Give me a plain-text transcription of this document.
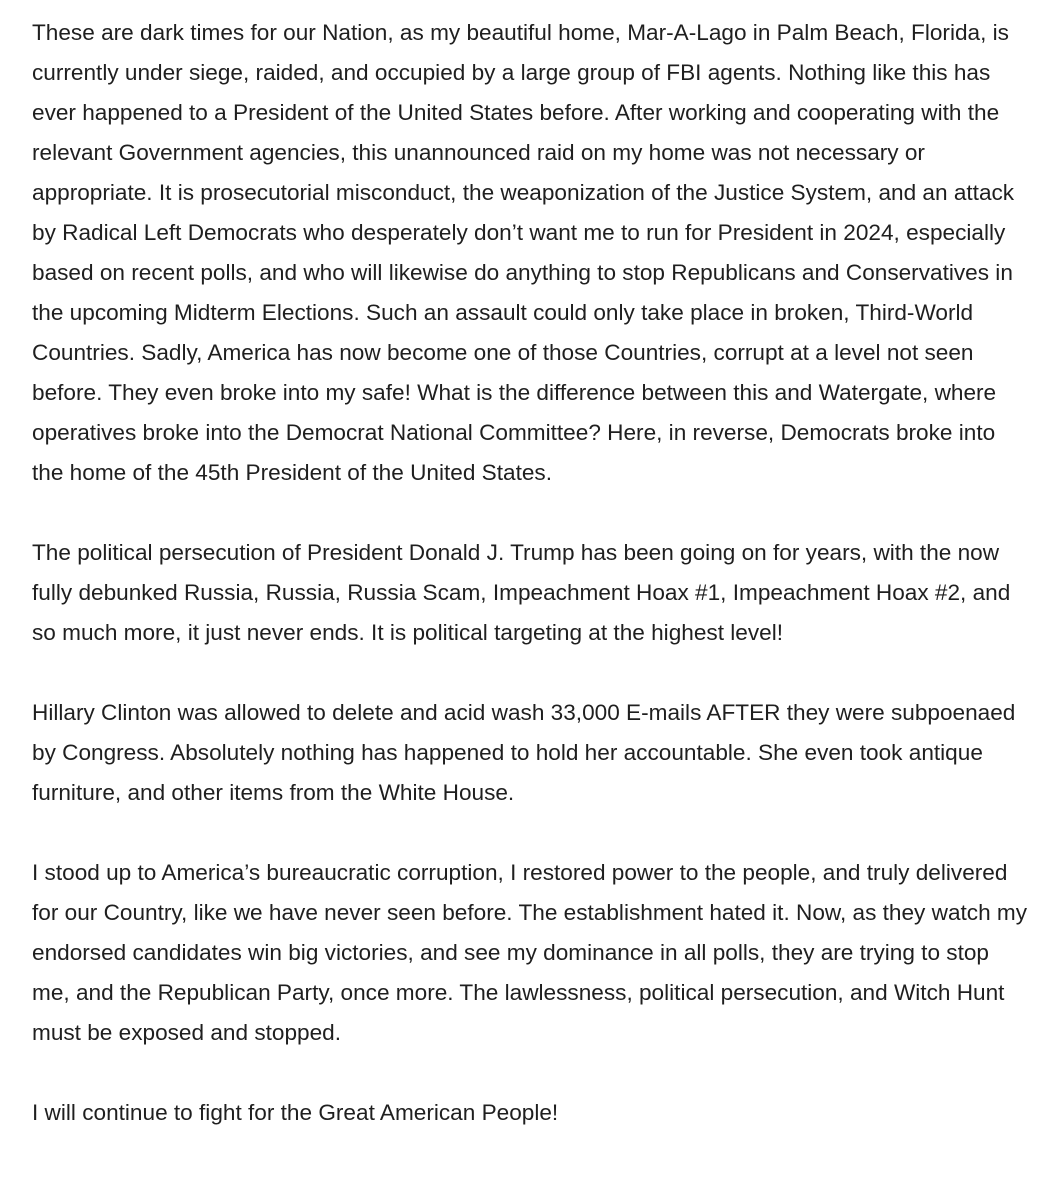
These are dark times for our Nation, as my beautiful home, Mar-A-Lago in Palm Beach, Florida, is currently under siege, raided, and occupied by a large group of FBI agents. Nothing like this has ever happened to a President of the United States before. After working and cooperating with the relevant Government agencies, this unannounced raid on my home was not necessary or appropriate. It is prosecutorial misconduct, the weaponization of the Justice System, and an attack by Radical Left Democrats who desperately don’t want me to run for President in 2024, especially based on recent polls, and who will likewise do anything to stop Republicans and Conservatives in the upcoming Midterm Elections. Such an assault could only take place in broken, Third-World Countries. Sadly, America has now become one of those Countries, corrupt at a level not seen before. They even broke into my safe! What is the difference between this and Watergate, where operatives broke into the Democrat National Committee? Here, in reverse, Democrats broke into the home of the 45th President of the United States.

The political persecution of President Donald J. Trump has been going on for years, with the now fully debunked Russia, Russia, Russia Scam, Impeachment Hoax #1, Impeachment Hoax #2, and so much more, it just never ends. It is political targeting at the highest level!

Hillary Clinton was allowed to delete and acid wash 33,000 E-mails AFTER they were subpoenaed by Congress. Absolutely nothing has happened to hold her accountable. She even took antique furniture, and other items from the White House.

I stood up to America’s bureaucratic corruption, I restored power to the people, and truly delivered for our Country, like we have never seen before. The establishment hated it. Now, as they watch my endorsed candidates win big victories, and see my dominance in all polls, they are trying to stop me, and the Republican Party, once more. The lawlessness, political persecution, and Witch Hunt must be exposed and stopped.

I will continue to fight for the Great American People!
